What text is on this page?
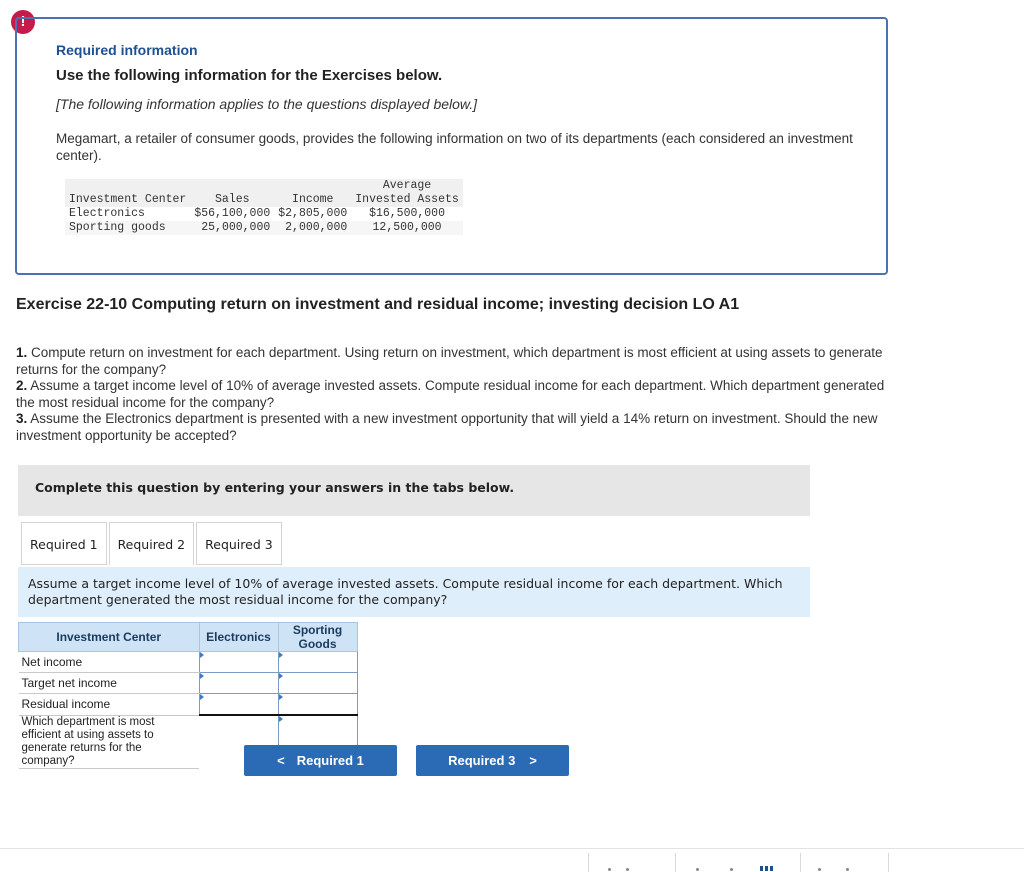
!
Required information
Use the following information for the Exercises below.
[The following information applies to the questions displayed below.]
Megamart, a retailer of consumer goods, provides the following information on two of its departments (each considered an investment center).
			Average
Investment Center	Sales	Income	Invested Assets
Electronics	$56,100,000	$2,805,000	$16,500,000
Sporting goods	25,000,000	2,000,000	12,500,000
Exercise 22-10 Computing return on investment and residual income; investing decision LO A1
1. Compute return on investment for each department. Using return on investment, which department is most efficient at using assets to generate returns for the company?
2. Assume a target income level of 10% of average invested assets. Compute residual income for each department. Which department generated the most residual income for the company?
3. Assume the Electronics department is presented with a new investment opportunity that will yield a 14% return on investment. Should the new investment opportunity be accepted?
Complete this question by entering your answers in the tabs below.
Required 1	Required 2	Required 3
Assume a target income level of 10% of average invested assets. Compute residual income for each department. Which department generated the most residual income for the company?
Investment Center	Electronics	Sporting Goods
Net income		
Target net income		
Residual income		
Which department is most efficient at using assets to generate returns for the company?			< Required 1	Required 3 >
